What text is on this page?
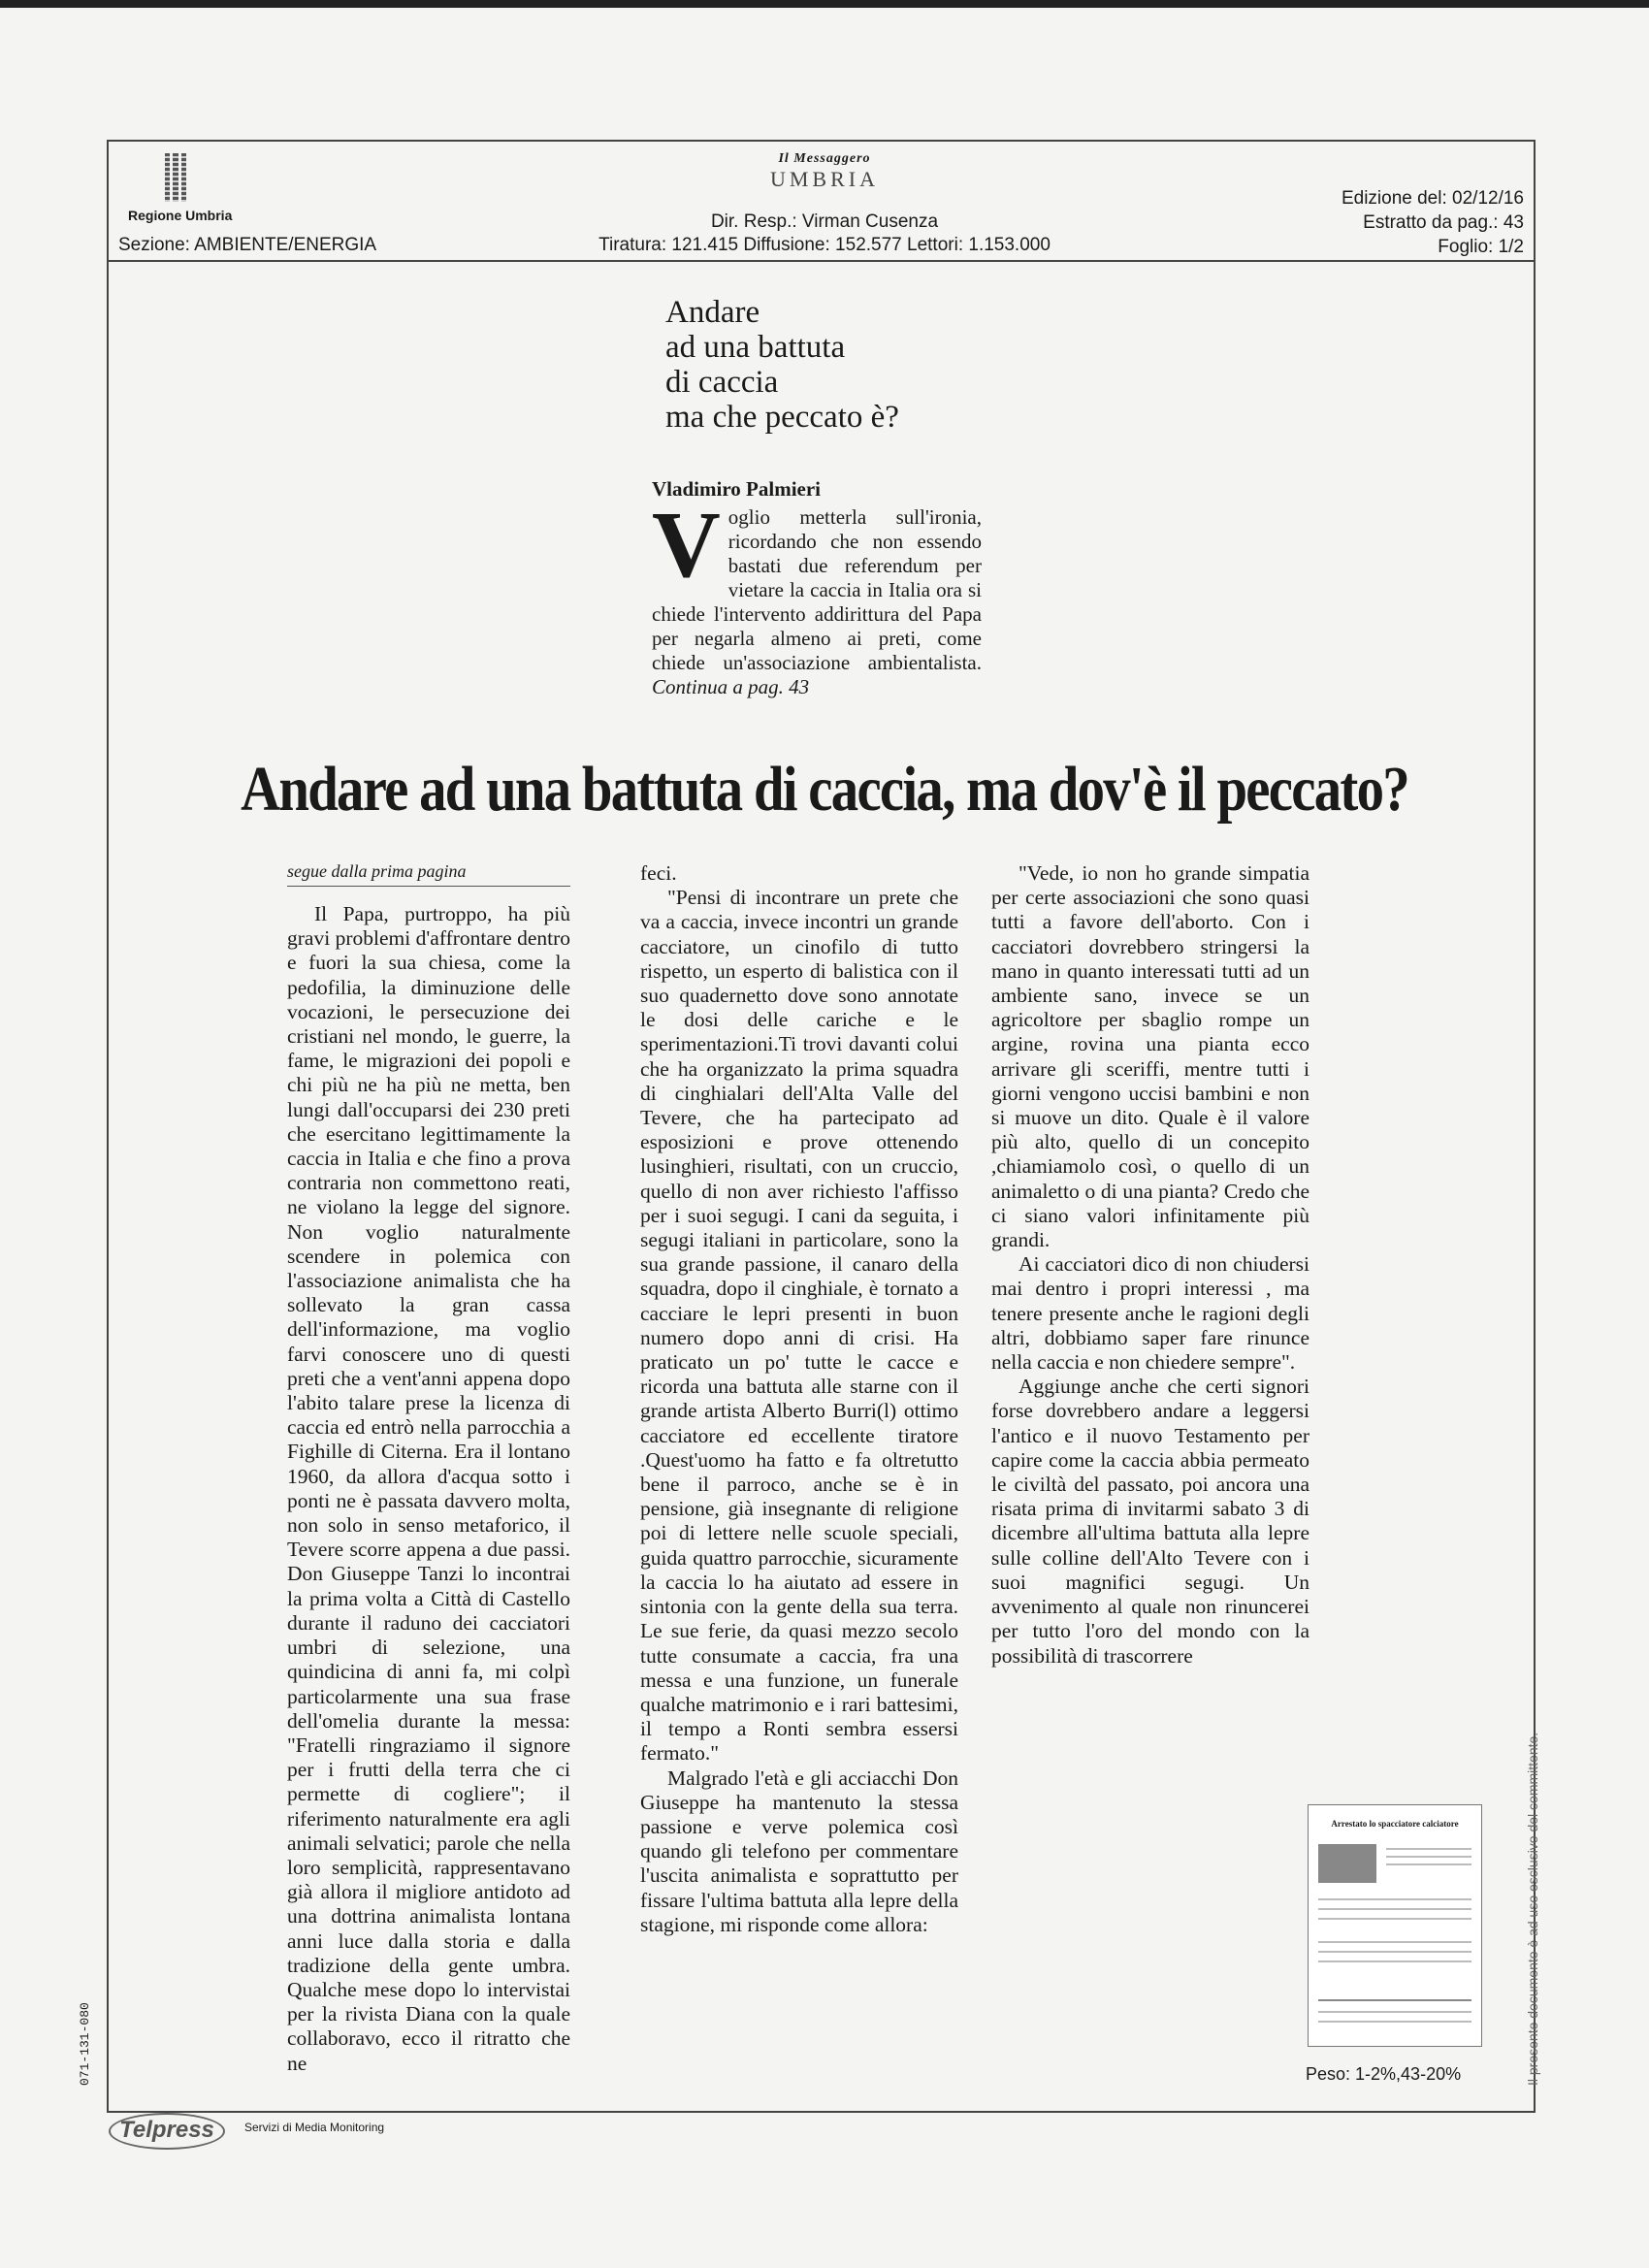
Regione Umbria
Sezione: AMBIENTE/ENERGIA
Il Messaggero
UMBRIA
Dir. Resp.: Virman Cusenza
Tiratura: 121.415 Diffusione: 152.577 Lettori: 1.153.000
Edizione del: 02/12/16
Estratto da pag.: 43
Foglio: 1/2
Andare
ad una battuta
di caccia
ma che peccato è?
Vladimiro Palmieri
V oglio metterla sull'ironia, ricordando che non essendo bastati due referendum per vietare la caccia in Italia ora si chiede l'intervento addirittura del Papa per negarla almeno ai preti, come chiede un'associazione ambientalista. Continua a pag. 43
Andare ad una battuta di caccia, ma dov'è il peccato?
segue dalla prima pagina

Il Papa, purtroppo, ha più gravi problemi d'affrontare dentro e fuori la sua chiesa, come la pedofilia, la diminuzione delle vocazioni, le persecuzione dei cristiani nel mondo, le guerre, la fame, le migrazioni dei popoli e chi più ne ha più ne metta, ben lungi dall'occuparsi dei 230 preti che esercitano legittimamente la caccia in Italia e che fino a prova contraria non commettono reati, ne violano la legge del signore. Non voglio naturalmente scendere in polemica con l'associazione animalista che ha sollevato la gran cassa dell'informazione, ma voglio farvi conoscere uno di questi preti che a vent'anni appena dopo l'abito talare prese la licenza di caccia ed entrò nella parrocchia a Fighille di Citerna. Era il lontano 1960, da allora d'acqua sotto i ponti ne è passata davvero molta, non solo in senso metaforico, il Tevere scorre appena a due passi. Don Giuseppe Tanzi lo incontrai la prima volta a Città di Castello durante il raduno dei cacciatori umbri di selezione, una quindicina di anni fa, mi colpì particolarmente una sua frase dell'omelia durante la messa: "Fratelli ringraziamo il signore per i frutti della terra che ci permette di cogliere"; il riferimento naturalmente era agli animali selvatici; parole che nella loro semplicità, rappresentavano già allora il migliore antidoto ad una dottrina animalista lontana anni luce dalla storia e dalla tradizione della gente umbra. Qualche mese dopo lo intervistai per la rivista Diana con la quale collaboravo, ecco il ritratto che ne

feci.

"Pensi di incontrare un prete che va a caccia, invece incontri un grande cacciatore, un cinofilo di tutto rispetto, un esperto di balistica con il suo quadernetto dove sono annotate le dosi delle cariche e le sperimentazioni.Ti trovi davanti colui che ha organizzato la prima squadra di cinghialari dell'Alta Valle del Tevere, che ha partecipato ad esposizioni e prove ottenendo lusinghieri, risultati, con un cruccio, quello di non aver richiesto l'affisso per i suoi segugi. I cani da seguita, i segugi italiani in particolare, sono la sua grande passione, il canaro della squadra, dopo il cinghiale, è tornato a cacciare le lepri presenti in buon numero dopo anni di crisi. Ha praticato un po' tutte le cacce e ricorda una battuta alle starne con il grande artista Alberto Burri(l) ottimo cacciatore ed eccellente tiratore .Quest'uomo ha fatto e fa oltretutto bene il parroco, anche se è in pensione, già insegnante di religione poi di lettere nelle scuole speciali, guida quattro parrocchie, sicuramente la caccia lo ha aiutato ad essere in sintonia con la gente della sua terra. Le sue ferie, da quasi mezzo secolo tutte consumate a caccia, fra una messa e una funzione, un funerale qualche matrimonio e i rari battesimi, il tempo a Ronti sembra essersi fermato."

Malgrado l'età e gli acciacchi Don Giuseppe ha mantenuto la stessa passione e verve polemica così quando gli telefono per commentare l'uscita animalista e soprattutto per fissare l'ultima battuta alla lepre della stagione, mi risponde come allora:

"Vede, io non ho grande simpatia per certe associazioni che sono quasi tutti a favore dell'aborto. Con i cacciatori dovrebbero stringersi la mano in quanto interessati tutti ad un ambiente sano, invece se un agricoltore per sbaglio rompe un argine, rovina una pianta ecco arrivare gli sceriffi, mentre tutti i giorni vengono uccisi bambini e non si muove un dito. Quale è il valore più alto, quello di un concepito ,chiamiamolo così, o quello di un animaletto o di una pianta? Credo che ci siano valori infinitamente più grandi.

Ai cacciatori dico di non chiudersi mai dentro i propri interessi , ma tenere presente anche le ragioni degli altri, dobbiamo saper fare rinunce nella caccia e non chiedere sempre".

Aggiunge anche che certi signori forse dovrebbero andare a leggersi l'antico e il nuovo Testamento per capire come la caccia abbia permeato le civiltà del passato, poi ancora una risata prima di invitarmi sabato 3 di dicembre all'ultima battuta alla lepre sulle colline dell'Alto Tevere con i suoi magnifici segugi. Un avvenimento al quale non rinuncerei per tutto l'oro del mondo con la possibilità di trascorrere

Arrestato lo spacciatore calciatore
Peso: 1-2%,43-20%
071-131-080	Il presente documento è ad uso esclusivo del committente.
Telpress	Servizi di Media Monitoring
